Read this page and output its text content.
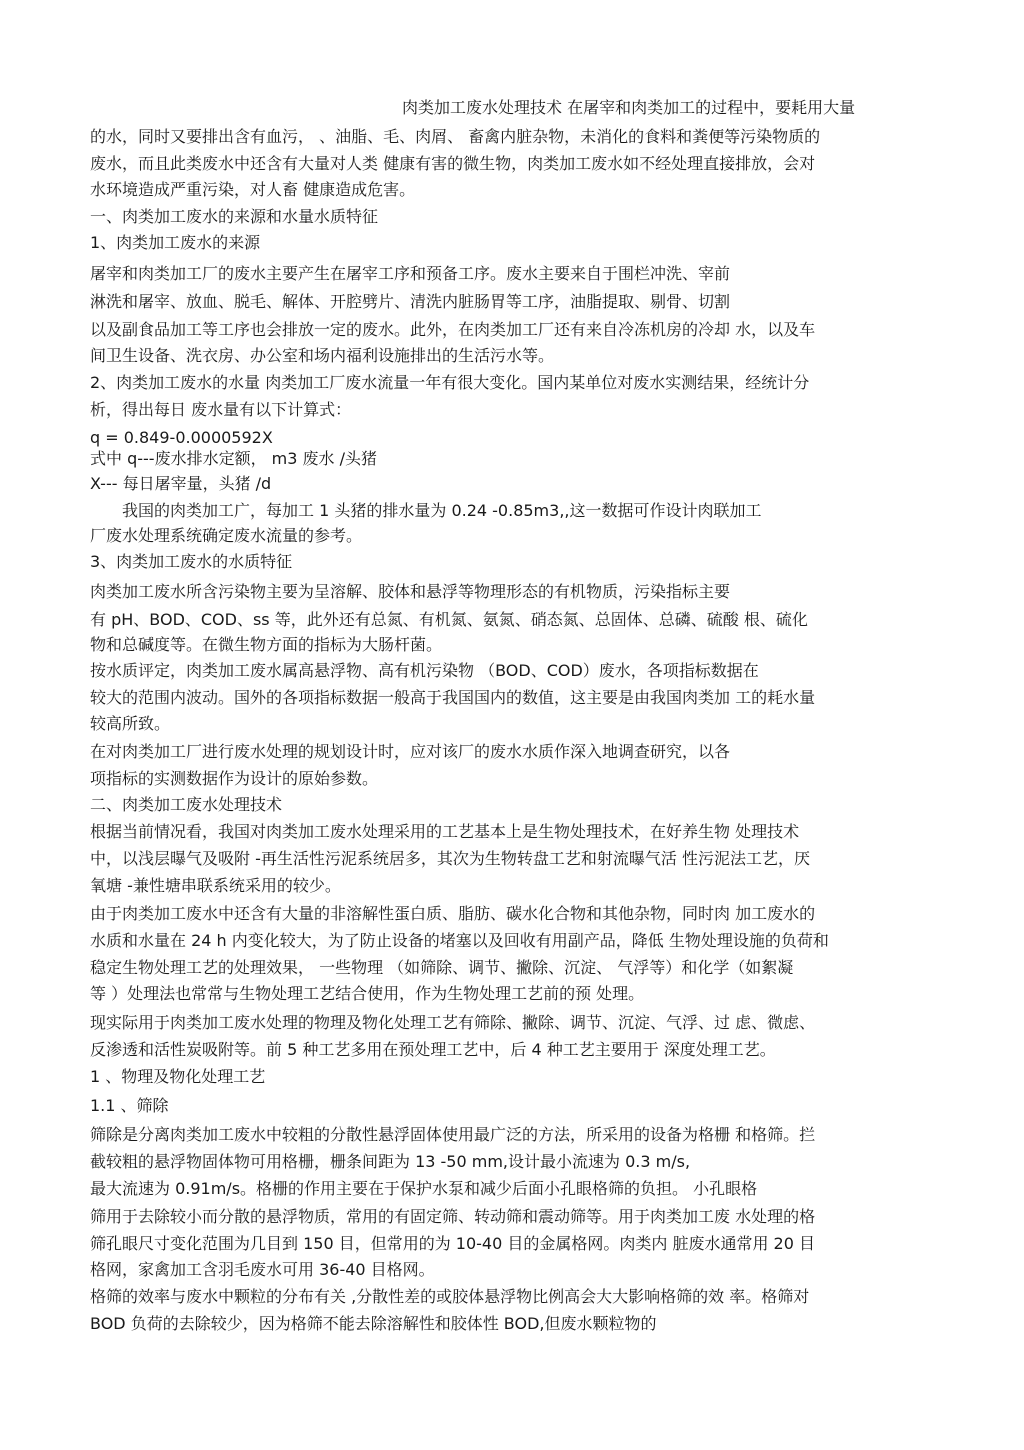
肉类加工废水处理技术 在屠宰和肉类加工的过程中，要耗用大量
的水，同时又要排出含有血污， 、油脂、毛、肉屑、 畜禽内脏杂物，未消化的食料和粪便等污染物质的
废水，而且此类废水中还含有大量对人类 健康有害的微生物，肉类加工废水如不经处理直接排放，会对
水环境造成严重污染，对人畜 健康造成危害。
一、肉类加工废水的来源和水量水质特征
1、肉类加工废水的来源
屠宰和肉类加工厂的废水主要产生在屠宰工序和预备工序。废水主要来自于围栏冲洗、宰前
淋洗和屠宰、放血、脱毛、解体、开腔劈片、清洗内脏肠胃等工序，油脂提取、剔骨、切割
以及副食品加工等工序也会排放一定的废水。此外，在肉类加工厂还有来自冷冻机房的冷却 水，以及车
间卫生设备、洗衣房、办公室和场内福利设施排出的生活污水等。
2、肉类加工废水的水量 肉类加工厂废水流量一年有很大变化。国内某单位对废水实测结果，经统计分
析，得出每日 废水量有以下计算式：
q = 0.849-0.0000592X
式中 q---废水排水定额， m3 废水 /头猪
X--- 每日屠宰量，头猪 /d
我国的肉类加工广，每加工 1 头猪的排水量为 0.24 -0.85m3,,这一数据可作设计肉联加工
厂废水处理系统确定废水流量的参考。
3、肉类加工废水的水质特征
肉类加工废水所含污染物主要为呈溶解、胶体和悬浮等物理形态的有机物质，污染指标主要
有 pH、BOD、COD、ss 等，此外还有总氮、有机氮、氨氮、硝态氮、总固体、总磷、硫酸 根、硫化
物和总碱度等。在微生物方面的指标为大肠杆菌。
按水质评定，肉类加工废水属高悬浮物、高有机污染物 （BOD、COD）废水，各项指标数据在
较大的范围内波动。国外的各项指标数据一般高于我国国内的数值，这主要是由我国肉类加 工的耗水量
较高所致。
在对肉类加工厂进行废水处理的规划设计时，应对该厂的废水水质作深入地调查研究，以各
项指标的实测数据作为设计的原始参数。
二、肉类加工废水处理技术
根据当前情况看，我国对肉类加工废水处理采用的工艺基本上是生物处理技术，在好养生物 处理技术
中，以浅层曝气及吸附 -再生活性污泥系统居多，其次为生物转盘工艺和射流曝气活 性污泥法工艺，厌
氧塘 -兼性塘串联系统采用的较少。
由于肉类加工废水中还含有大量的非溶解性蛋白质、脂肪、碳水化合物和其他杂物，同时肉 加工废水的
水质和水量在 24 h 内变化较大，为了防止设备的堵塞以及回收有用副产品，降低 生物处理设施的负荷和
稳定生物处理工艺的处理效果， 一些物理 （如筛除、调节、撇除、沉淀、 气浮等）和化学（如絮凝
等 ）处理法也常常与生物处理工艺结合使用，作为生物处理工艺前的预 处理。
现实际用于肉类加工废水处理的物理及物化处理工艺有筛除、撇除、调节、沉淀、气浮、过 虑、微虑、
反渗透和活性炭吸附等。前 5 种工艺多用在预处理工艺中，后 4 种工艺主要用于 深度处理工艺。
1 、物理及物化处理工艺
1.1 、筛除
筛除是分离肉类加工废水中较粗的分散性悬浮固体使用最广泛的方法，所采用的设备为格栅 和格筛。拦
截较粗的悬浮物固体物可用格栅，栅条间距为 13 -50 mm,设计最小流速为 0.3 m/s,
最大流速为 0.91m/s。格栅的作用主要在于保护水泵和减少后面小孔眼格筛的负担。 小孔眼格
筛用于去除较小而分散的悬浮物质，常用的有固定筛、转动筛和震动筛等。用于肉类加工废 水处理的格
筛孔眼尺寸变化范围为几目到 150 目，但常用的为 10-40 目的金属格网。肉类内 脏废水通常用 20 目
格网，家禽加工含羽毛废水可用 36-40 目格网。
格筛的效率与废水中颗粒的分布有关 ,分散性差的或胶体悬浮物比例高会大大影响格筛的效 率。格筛对
BOD 负荷的去除较少，因为格筛不能去除溶解性和胶体性 BOD,但废水颗粒物的
